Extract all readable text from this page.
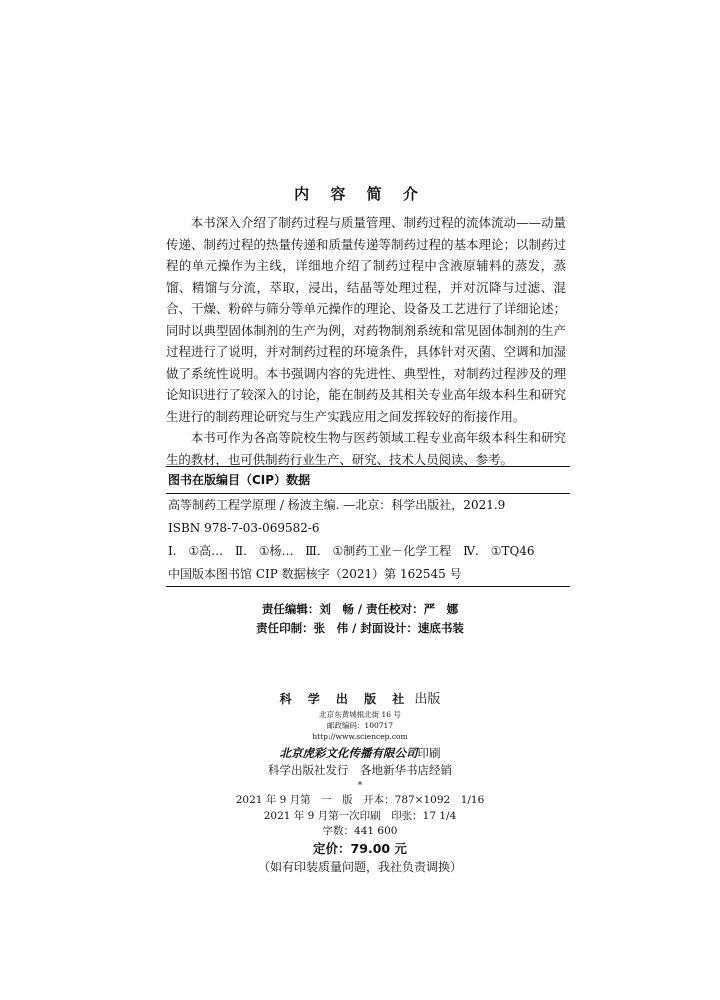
内 容 简 介

本书深入介绍了制药过程与质量管理、制药过程的流体流动——动量传递、制药过程的热量传递和质量传递等制药过程的基本理论；以制药过程的单元操作为主线，详细地介绍了制药过程中含液原辅料的蒸发，蒸馏、精馏与分流，萃取，浸出，结晶等处理过程，并对沉降与过滤、混合、干燥、粉碎与筛分等单元操作的理论、设备及工艺进行了详细论述；同时以典型固体制剂的生产为例，对药物制剂系统和常见固体制剂的生产过程进行了说明，并对制药过程的环境条件，具体针对灭菌、空调和加湿做了系统性说明。本书强调内容的先进性、典型性，对制药过程涉及的理论知识进行了较深入的讨论，能在制药及其相关专业高年级本科生和研究生进行的制药理论研究与生产实践应用之间发挥较好的衔接作用。

本书可作为各高等院校生物与医药领域工程专业高年级本科生和研究生的教材，也可供制药行业生产、研究、技术人员阅读、参考。

图书在版编目（CIP）数据
高等制药工程学原理 / 杨波主编. —北京：科学出版社，2021.9
ISBN 978-7-03-069582-6
Ⅰ. ①高… Ⅱ. ①杨… Ⅲ. ①制药工业－化学工程 Ⅳ. ①TQ46
中国版本图书馆 CIP 数据核字（2021）第 162545 号
责任编辑：刘　畅 / 责任校对：严　娜
责任印制：张　伟 / 封面设计：速底书装
科 学 出 版 社 出版
北京东黄城根北街 16 号
邮政编码：100717
http://www.sciencep.com
北京虎彩文化传播有限公司印刷
科学出版社发行　各地新华书店经销
*
2021 年 9 月第　一　版　开本：787×1092　1/16
2021 年 9 月第一次印刷　印张：17 1/4
字数：441 600
定价：79.00 元
（如有印装质量问题，我社负责调换）
